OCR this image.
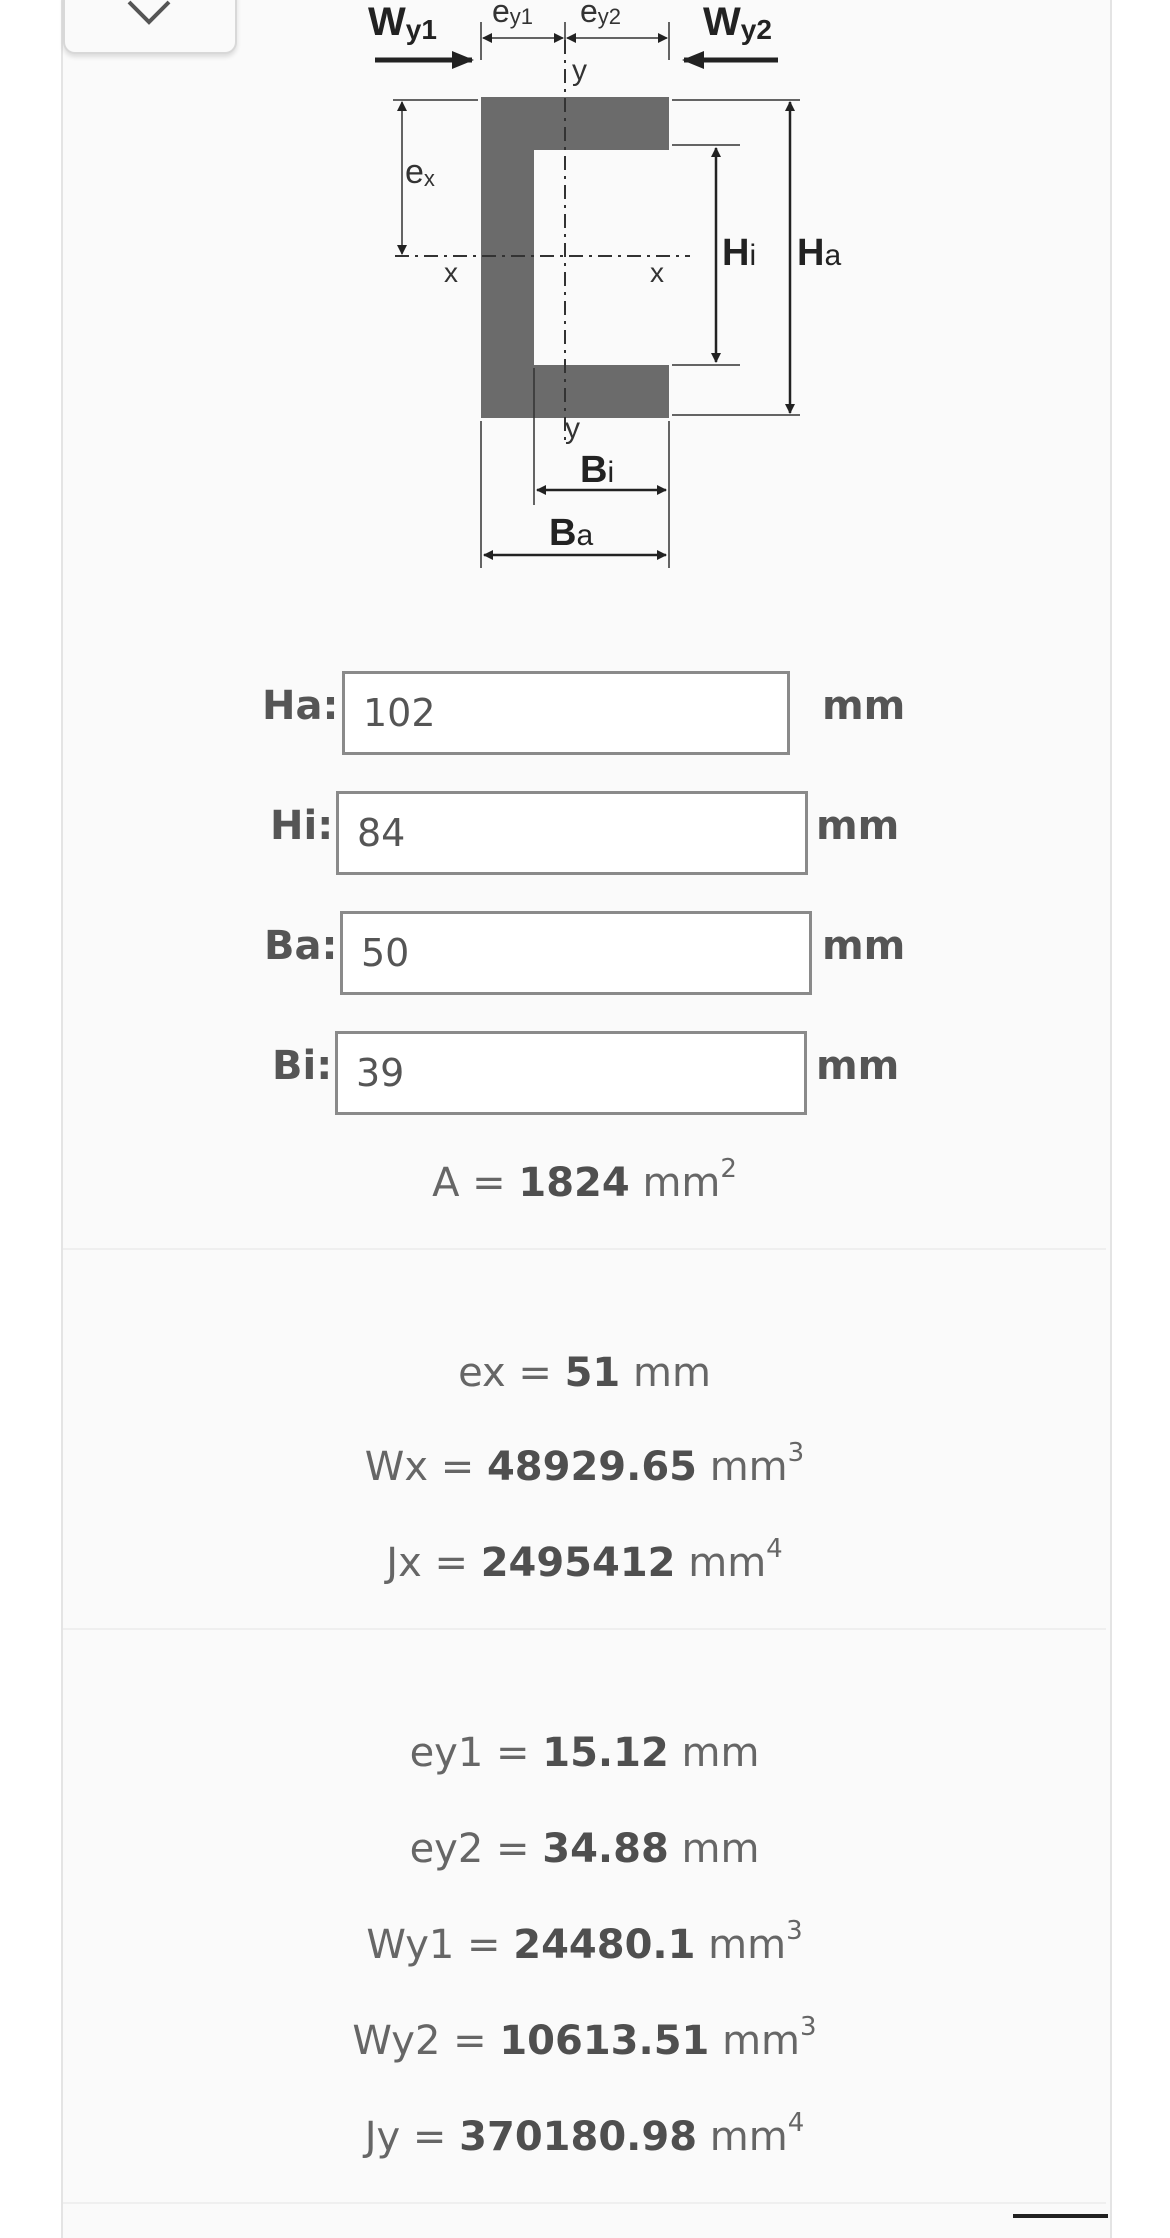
Wy1
ey1 ey2 Wy2
y
ex
x	x Hi Ha
y
Bi
Ba
Ha:
102	mm
Hi:
84	mm
Ba:
50	mm
Bi:
39	mm
A = 1824 $mm^2$
ex = 51 mm
Wx = 48929.65 $mm^3$
Jx = 2495412 $mm^4$
ey1 = 15.12 mm
ey2 = 34.88 mm
Wy1 = 24480.1 $mm^3$
Wy2 = 10613.51 $mm^3$
Jy = 370180.98 $mm^4$
